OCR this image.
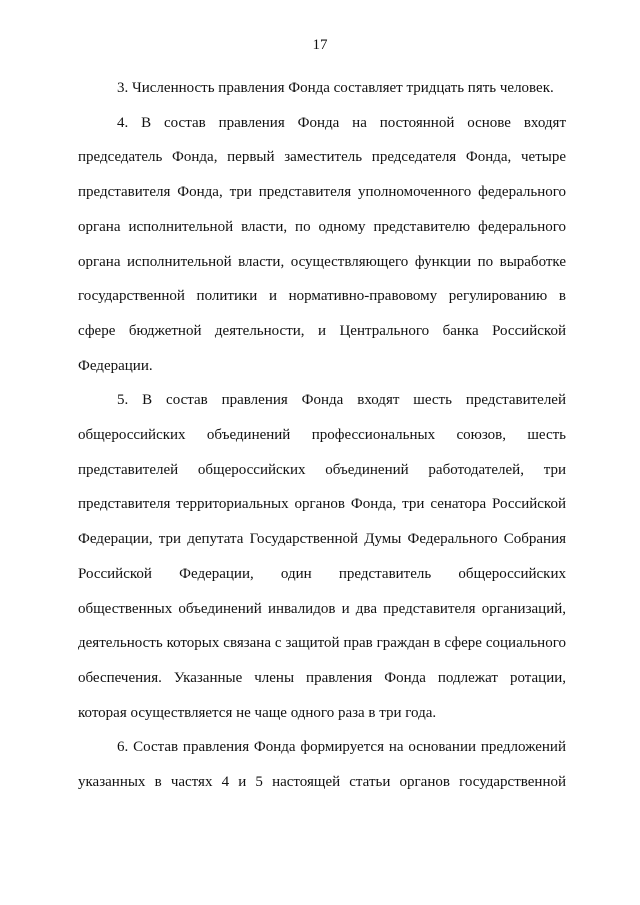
17

3. Численность правления Фонда составляет тридцать пять человек.

4. В состав правления Фонда на постоянной основе входят председатель Фонда, первый заместитель председателя Фонда, четыре представителя Фонда, три представителя уполномоченного федерального органа исполнительной власти, по одному представителю федерального органа исполнительной власти, осуществляющего функции по выработке государственной политики и нормативно-правовому регулированию в сфере бюджетной деятельности, и Центрального банка Российской Федерации.

5. В состав правления Фонда входят шесть представителей общероссийских объединений профессиональных союзов, шесть представителей общероссийских объединений работодателей, три представителя территориальных органов Фонда, три сенатора Российской Федерации, три депутата Государственной Думы Федерального Собрания Российской Федерации, один представитель общероссийских общественных объединений инвалидов и два представителя организаций, деятельность которых связана с защитой прав граждан в сфере социального обеспечения. Указанные члены правления Фонда подлежат ротации, которая осуществляется не чаще одного раза в три года.

6. Состав правления Фонда формируется на основании предложений указанных в частях 4 и 5 настоящей статьи органов государственной
